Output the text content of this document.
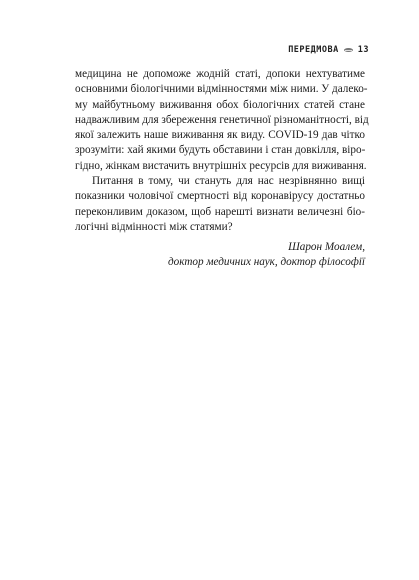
ПЕРЕДМОВА 13
медицина не допоможе жодній статі, допоки нехтуватиме
основними біологічними відмінностями між ними. У далеко-
му майбутньому виживання обох біологічних статей стане
надважливим для збереження генетичної різноманітності, від
якої залежить наше виживання як виду. COVID-19 дав чітко
зрозуміти: хай якими будуть обставини і стан довкілля, віро-
гідно, жінкам вистачить внутрішніх ресурсів для виживання.
Питання в тому, чи стануть для нас незрівнянно вищі
показники чоловічої смертності від коронавірусу достатньо
переконливим доказом, щоб нарешті визнати величезні біо-
логічні відмінності між статями?
Шарон Моалем,
доктор медичних наук, доктор філософії
